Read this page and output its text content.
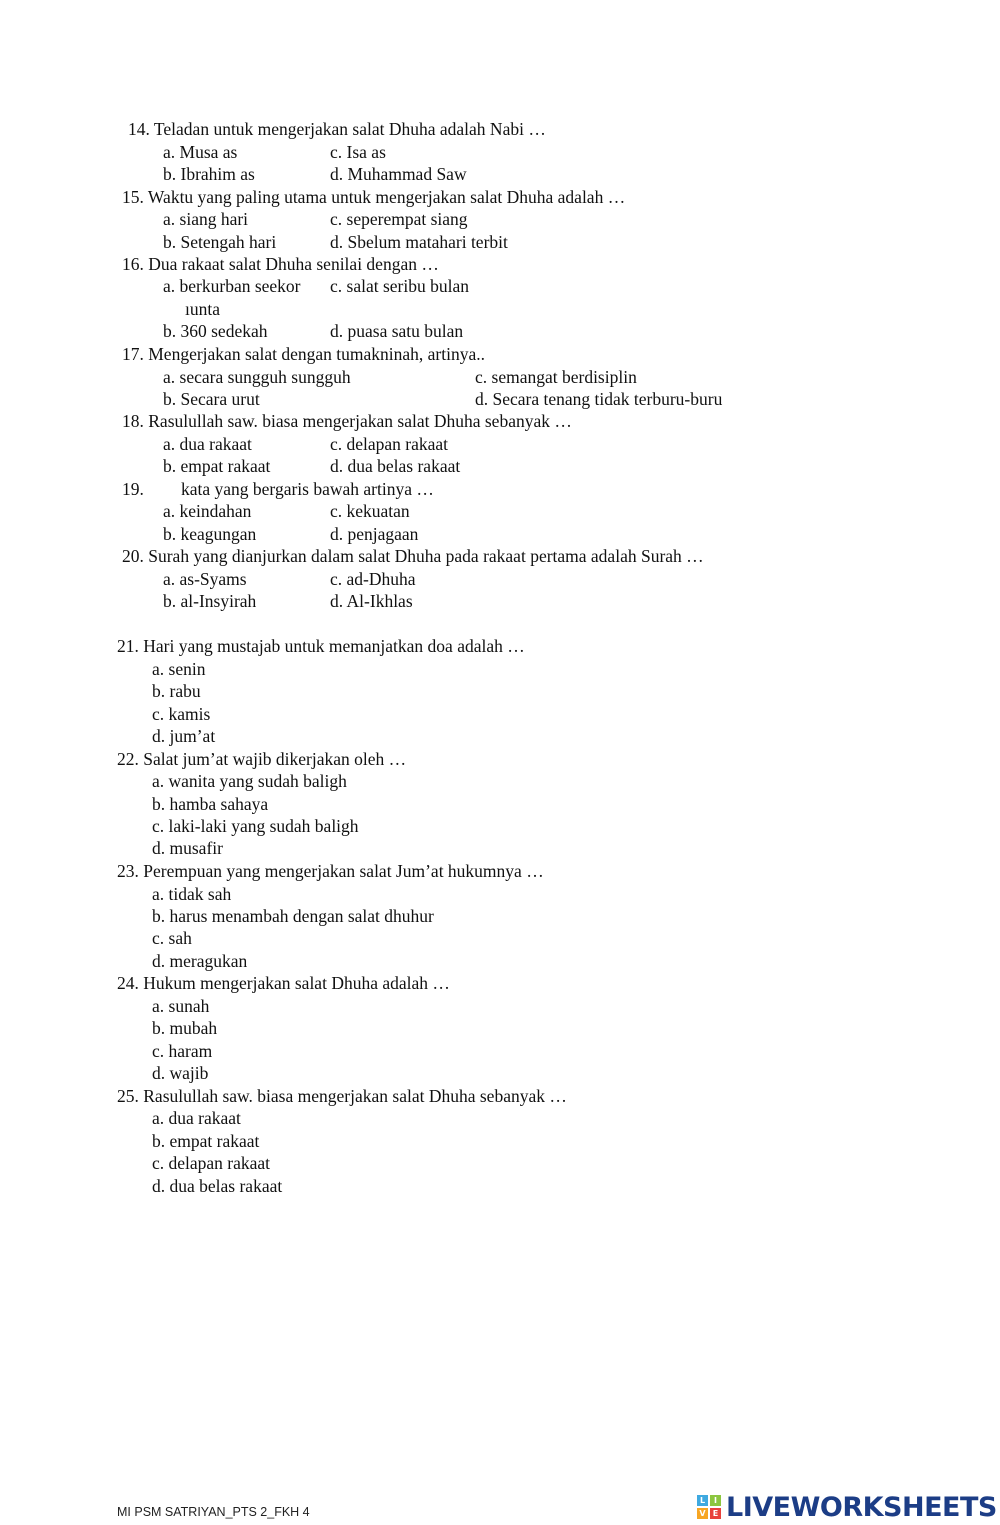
14. Teladan untuk mengerjakan salat Dhuha adalah Nabi …
a. Musa as	c. Isa as
b. Ibrahim as	d. Muhammad Saw
15. Waktu yang paling utama untuk mengerjakan salat Dhuha adalah …
a. siang hari	c. seperempat siang
b. Setengah hari	d. Sbelum matahari terbit
16. Dua rakaat salat Dhuha senilai dengan …
a. berkurban seekor c. salat seribu bulan
ıunta
b. 360 sedekah	d. puasa satu bulan
17. Mengerjakan salat dengan tumakninah, artinya..
a. secara sungguh sungguh	c. semangat berdisiplin
b. Secara urut	d. Secara tenang tidak terburu-buru
18. Rasulullah saw. biasa mengerjakan salat Dhuha sebanyak …
a. dua rakaat	c. delapan rakaat
b. empat rakaat	d. dua belas rakaat
19. kata yang bergaris bawah artinya …
a. keindahan	c. kekuatan
b. keagungan	d. penjagaan
20. Surah yang dianjurkan dalam salat Dhuha pada rakaat pertama adalah Surah …
a. as-Syams	c. ad-Dhuha
b. al-Insyirah	d. Al-Ikhlas
21. Hari yang mustajab untuk memanjatkan doa adalah …
a. senin
b. rabu
c. kamis
d. jum’at
22. Salat jum’at wajib dikerjakan oleh …
a. wanita yang sudah baligh
b. hamba sahaya
c. laki-laki yang sudah baligh
d. musafir
23. Perempuan yang mengerjakan salat Jum’at hukumnya …
a. tidak sah
b. harus menambah dengan salat dhuhur
c. sah
d. meragukan
24. Hukum mengerjakan salat Dhuha adalah …
a. sunah
b. mubah
c. haram
d. wajib
25. Rasulullah saw. biasa mengerjakan salat Dhuha sebanyak …
a. dua rakaat
b. empat rakaat
c. delapan rakaat
d. dua belas rakaat
MI PSM SATRIYAN_PTS 2_FKH 4
L	I
V E LIVEWORKSHEETS
